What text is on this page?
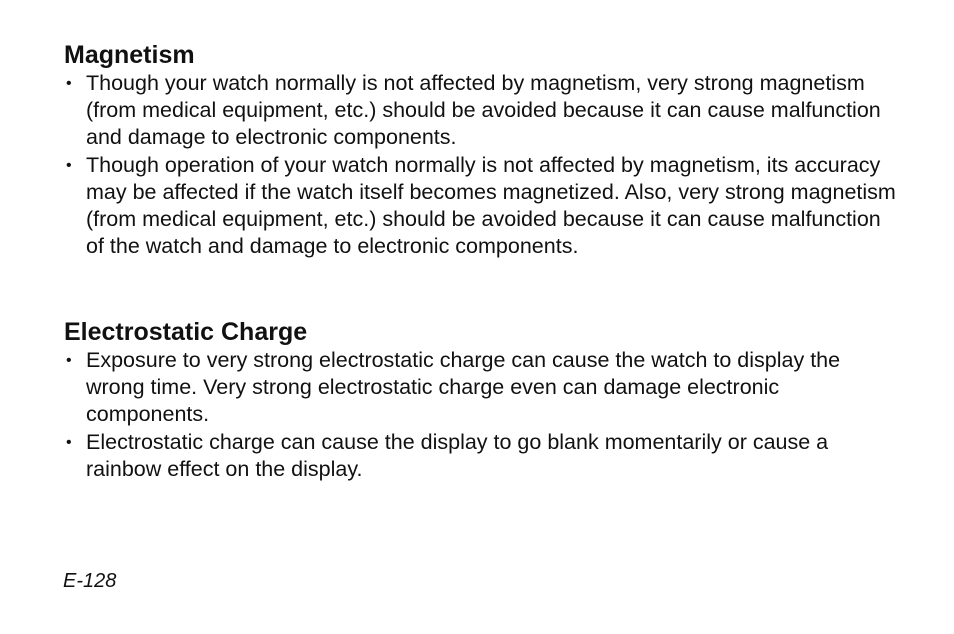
Magnetism
• Though your watch normally is not affected by magnetism, very strong magnetism (from medical equipment, etc.) should be avoided because it can cause malfunction and damage to electronic components.
• Though operation of your watch normally is not affected by magnetism, its accuracy may be affected if the watch itself becomes magnetized. Also, very strong magnetism (from medical equipment, etc.) should be avoided because it can cause malfunction of the watch and damage to electronic components.
Electrostatic Charge
• Exposure to very strong electrostatic charge can cause the watch to display the wrong time. Very strong electrostatic charge even can damage electronic components.
• Electrostatic charge can cause the display to go blank momentarily or cause a rainbow effect on the display.
E-128
